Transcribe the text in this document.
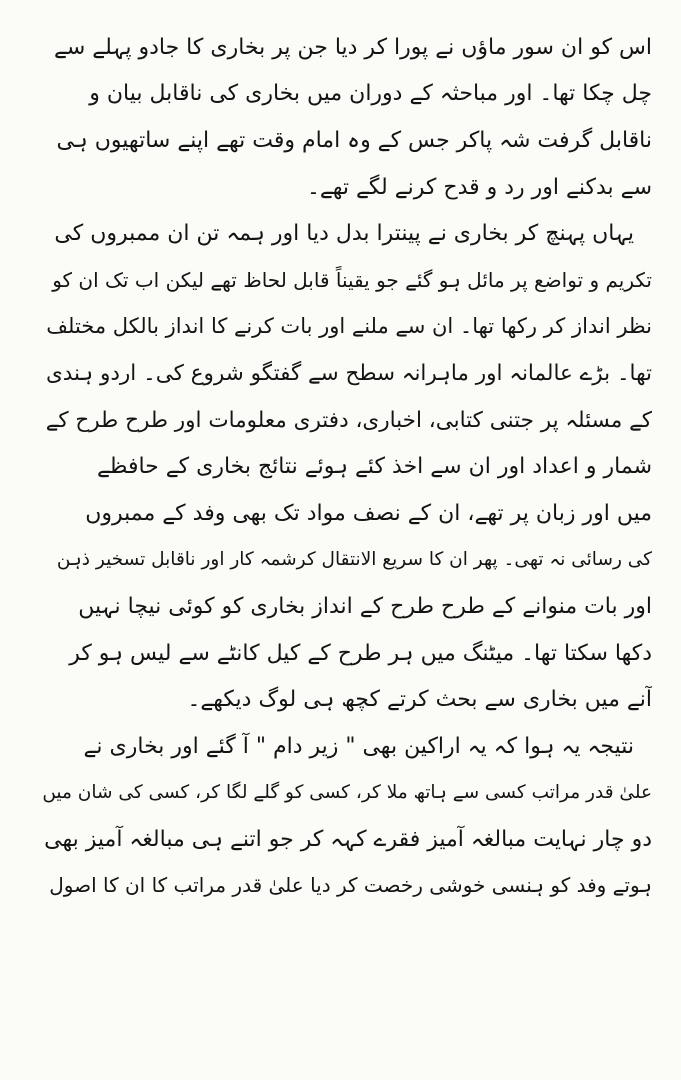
اس کو ان سور ماؤں نے پورا کر دیا جن پر بخاری کا جادو پہلے سے
چل چکا تھا۔ اور مباحثہ کے دوران میں بخاری کی ناقابل بیان و
ناقابل گرفت شہ پاکر جس کے وہ امام وقت تھے اپنے ساتھیوں ہی
سے بدکنے اور رد و قدح کرنے لگے تھے۔
یہاں پہنچ کر بخاری نے پینترا بدل دیا اور ہمہ تن ان ممبروں کی
تکریم و تواضع پر مائل ہو گئے جو یقیناً قابل لحاظ تھے لیکن اب تک ان کو
نظر انداز کر رکھا تھا۔ ان سے ملنے اور بات کرنے کا انداز بالکل مختلف
تھا۔ بڑے عالمانہ اور ماہرانہ سطح سے گفتگو شروع کی۔ اردو ہندی
کے مسئلہ پر جتنی کتابی، اخباری، دفتری معلومات اور طرح طرح کے
شمار و اعداد اور ان سے اخذ کئے ہوئے نتائج بخاری کے حافظے
میں اور زبان پر تھے، ان کے نصف مواد تک بھی وفد کے ممبروں
کی رسائی نہ تھی۔ پھر ان کا سریع الانتقال کرشمہ کار اور ناقابل تسخیر ذہن
اور بات منوانے کے طرح طرح کے انداز بخاری کو کوئی نیچا نہیں
دکھا سکتا تھا۔ میٹنگ میں ہر طرح کے کیل کانٹے سے لیس ہو کر
آنے میں بخاری سے بحث کرتے کچھ ہی لوگ دیکھے۔
نتیجہ یہ ہوا کہ یہ اراکین بھی " زیر دام " آ گئے اور بخاری نے
علیٰ قدر مراتب کسی سے ہاتھ ملا کر، کسی کو گلے لگا کر، کسی کی شان میں
دو چار نہایت مبالغہ آمیز فقرے کہہ کر جو اتنے ہی مبالغہ آمیز بھی
ہوتے وفد کو ہنسی خوشی رخصت کر دیا علیٰ قدر مراتب کا ان کا اصول
